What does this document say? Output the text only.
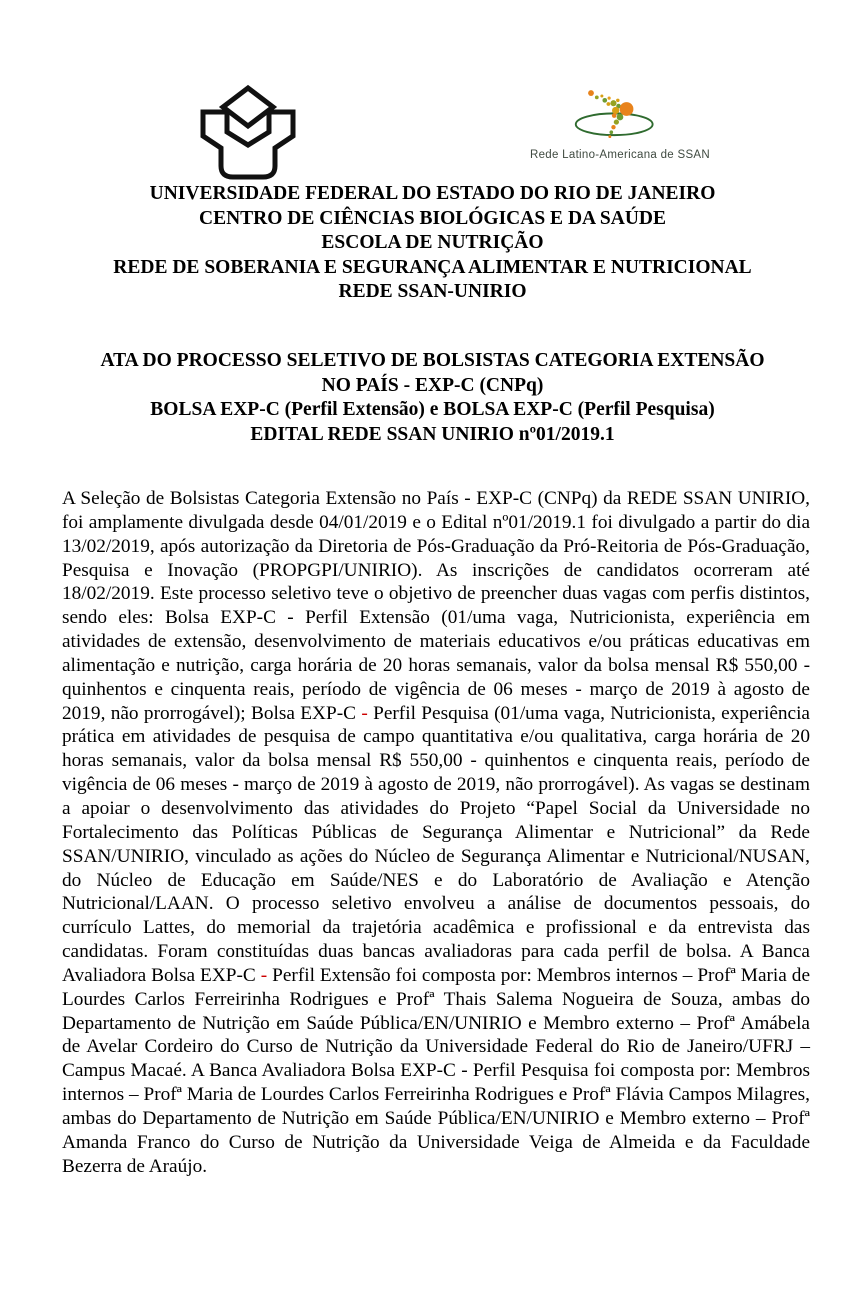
Rede Latino-Americana de SSAN
UNIVERSIDADE FEDERAL DO ESTADO DO RIO DE JANEIRO
CENTRO DE CIÊNCIAS BIOLÓGICAS E DA SAÚDE
ESCOLA DE NUTRIÇÃO
REDE DE SOBERANIA E SEGURANÇA ALIMENTAR E NUTRICIONAL
REDE SSAN-UNIRIO
ATA DO PROCESSO SELETIVO DE BOLSISTAS CATEGORIA EXTENSÃO
NO PAÍS - EXP-C (CNPq)
BOLSA EXP-C (Perfil Extensão) e BOLSA EXP-C (Perfil Pesquisa)
EDITAL REDE SSAN UNIRIO nº01/2019.1

A Seleção de Bolsistas Categoria Extensão no País - EXP-C (CNPq) da REDE SSAN UNIRIO, foi amplamente divulgada desde 04/01/2019 e o Edital nº01/2019.1 foi divulgado a partir do dia 13/02/2019, após autorização da Diretoria de Pós-Graduação da Pró-Reitoria de Pós-Graduação, Pesquisa e Inovação (PROPGPI/UNIRIO). As inscrições de candidatos ocorreram até 18/02/2019. Este processo seletivo teve o objetivo de preencher duas vagas com perfis distintos, sendo eles: Bolsa EXP-C - Perfil Extensão (01/uma vaga, Nutricionista, experiência em atividades de extensão, desenvolvimento de materiais educativos e/ou práticas educativas em alimentação e nutrição, carga horária de 20 horas semanais, valor da bolsa mensal R$ 550,00 - quinhentos e cinquenta reais, período de vigência de 06 meses - março de 2019 à agosto de 2019, não prorrogável); Bolsa EXP-C - Perfil Pesquisa (01/uma vaga, Nutricionista, experiência prática em atividades de pesquisa de campo quantitativa e/ou qualitativa, carga horária de 20 horas semanais, valor da bolsa mensal R$ 550,00 - quinhentos e cinquenta reais, período de vigência de 06 meses - março de 2019 à agosto de 2019, não prorrogável). As vagas se destinam a apoiar o desenvolvimento das atividades do Projeto “Papel Social da Universidade no Fortalecimento das Políticas Públicas de Segurança Alimentar e Nutricional” da Rede SSAN/UNIRIO, vinculado as ações do Núcleo de Segurança Alimentar e Nutricional/NUSAN, do Núcleo de Educação em Saúde/NES e do Laboratório de Avaliação e Atenção Nutricional/LAAN. O processo seletivo envolveu a análise de documentos pessoais, do currículo Lattes, do memorial da trajetória acadêmica e profissional e da entrevista das candidatas. Foram constituídas duas bancas avaliadoras para cada perfil de bolsa. A Banca Avaliadora Bolsa EXP-C - Perfil Extensão foi composta por: Membros internos – Profª Maria de Lourdes Carlos Ferreirinha Rodrigues e Profª Thais Salema Nogueira de Souza, ambas do Departamento de Nutrição em Saúde Pública/EN/UNIRIO e Membro externo – Profª Amábela de Avelar Cordeiro do Curso de Nutrição da Universidade Federal do Rio de Janeiro/UFRJ – Campus Macaé. A Banca Avaliadora Bolsa EXP-C - Perfil Pesquisa foi composta por: Membros internos – Profª Maria de Lourdes Carlos Ferreirinha Rodrigues e Profª Flávia Campos Milagres, ambas do Departamento de Nutrição em Saúde Pública/EN/UNIRIO e Membro externo – Profª Amanda Franco do Curso de Nutrição da Universidade Veiga de Almeida e da Faculdade Bezerra de Araújo.
